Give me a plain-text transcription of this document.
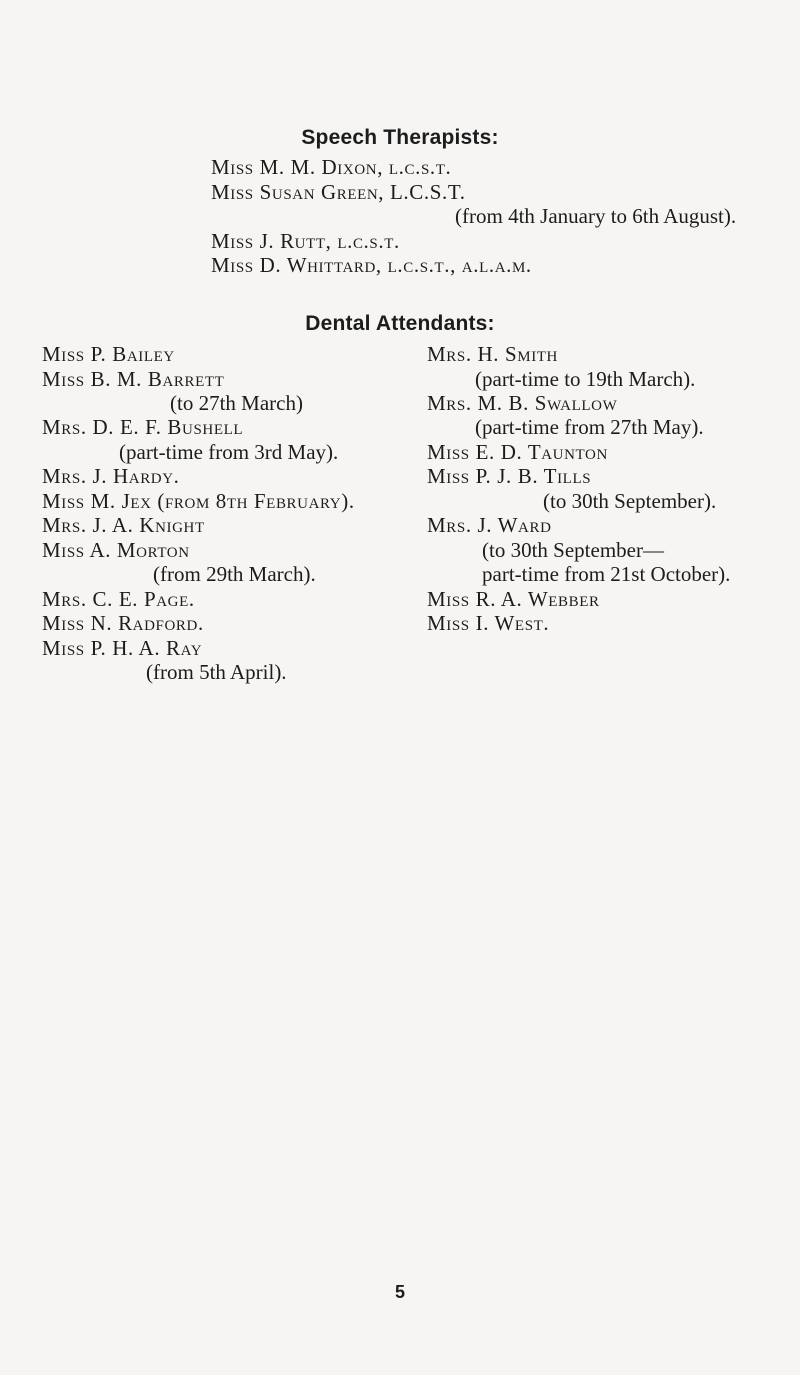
Speech Therapists:
Miss M. M. Dixon, l.c.s.t.
Miss Susan Green, L.C.S.T.
(from 4th January to 6th August).
Miss J. Rutt, l.c.s.t.
Miss D. Whittard, l.c.s.t., a.l.a.m.
Dental Attendants:
Miss P. Bailey
Miss B. M. Barrett
(to 27th March)
Mrs. D. E. F. Bushell
(part-time from 3rd May).
Mrs. J. Hardy.
Miss M. Jex (from 8th February).
Mrs. J. A. Knight
Miss A. Morton
(from 29th March).
Mrs. C. E. Page.
Miss N. Radford.
Miss P. H. A. Ray
(from 5th April).
Mrs. H. Smith
(part-time to 19th March).
Mrs. M. B. Swallow
(part-time from 27th May).
Miss E. D. Taunton
Miss P. J. B. Tills
(to 30th September).
Mrs. J. Ward
(to 30th September—
part-time from 21st October).
Miss R. A. Webber
Miss I. West.
5
